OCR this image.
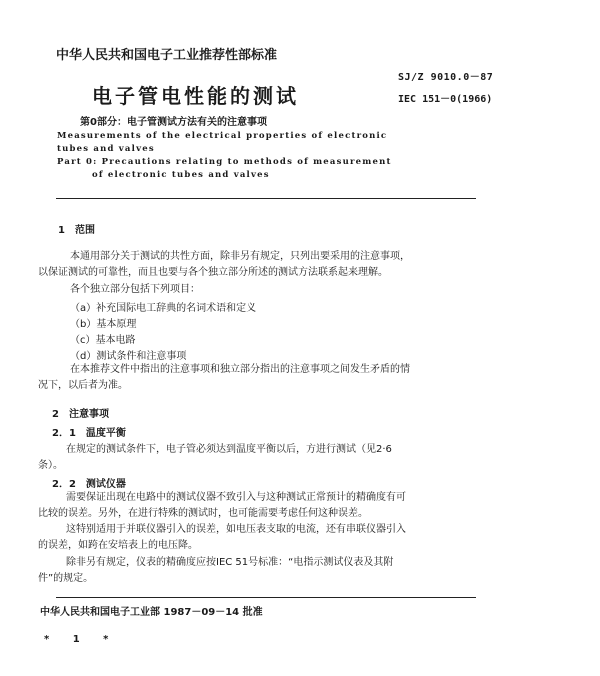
中华人民共和国电子工业推荐性部标准
SJ/Z 9010.0－87
电子管电性能的测试	IEC 151－0(1966)
第0部分：电子管测试方法有关的注意事项
Measurements of the electrical properties of electronic
tubes and valves
Part 0: Precautions relating to methods of measurement
of electronic tubes and valves
1　范围
本通用部分关于测试的共性方面，除非另有规定，只列出要采用的注意事项，
以保证测试的可靠性，而且也要与各个独立部分所述的测试方法联系起来理解。
各个独立部分包括下列项目：
（a）补充国际电工辞典的名词术语和定义
（b）基本原理
（c）基本电路
（d）测试条件和注意事项
在本推荐文件中指出的注意事项和独立部分指出的注意事项之间发生矛盾的情
况下，以后者为准。
2　注意事项
2．1　温度平衡
在规定的测试条件下，电子管必须达到温度平衡以后，方进行测试（见2·6
条）。
2．2　测试仪器
需要保证出现在电路中的测试仪器不致引入与这种测试正常预计的精确度有可
比较的误差。另外，在进行特殊的测试时，也可能需要考虑任何这种误差。
这特别适用于并联仪器引入的误差，如电压表支取的电流，还有串联仪器引入
的误差，如跨在安培表上的电压降。
除非另有规定，仪表的精确度应按IEC 51号标准：“电指示测试仪表及其附
件”的规定。
中华人民共和国电子工业部 1987－09－14 批准
* 1 *
